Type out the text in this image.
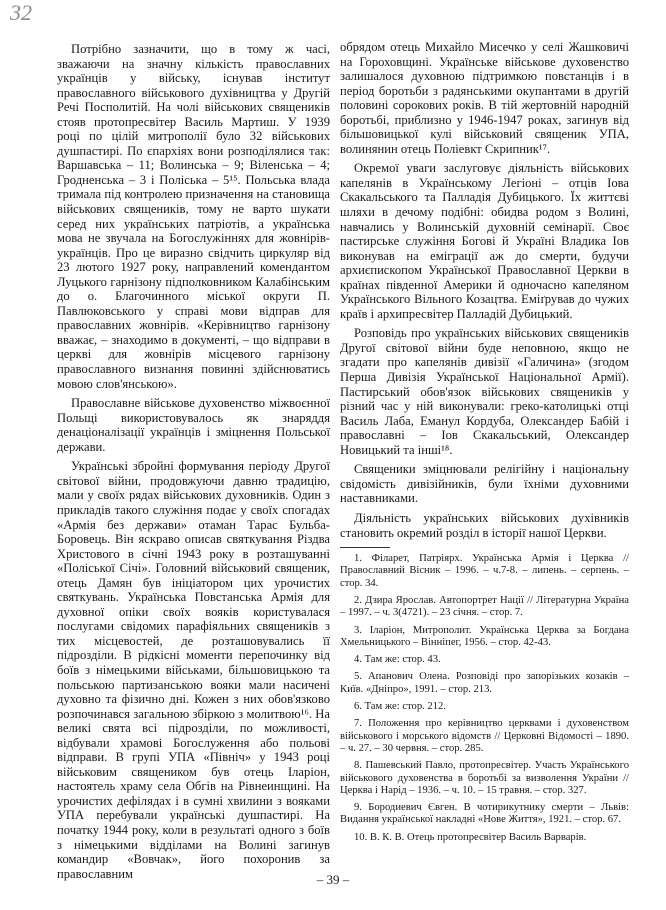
32

Потрібно зазначити, що в тому ж часі, зважаючи на значну кількість православних українців у війську, існував інститут православного військового духівництва у Другій Речі Посполитій. На чолі військових священиків стояв протопресвітер Василь Мартиш. У 1939 році по цілій митрополії було 32 військових душпастирі. По єпархіях вони розподілялися так: Варшавська – 11; Волинська – 9; Віленська – 4; Гродненська – 3 і Поліська – 5¹⁵. Польська влада тримала під контролею призначення на становища військових священиків, тому не варто шукати серед них українських патріотів, а українська мова не звучала на Богослужіннях для жовнірів-українців. Про це виразно свідчить циркуляр від 23 лютого 1927 року, направлений комендантом Луцького гарнізону підполковником Калабінським до о. Благочинного міської округи П. Павлюковського у справі мови відправ для православних жовнірів. «Керівництво гарнізону вважає, – знаходимо в документі, – що відправи в церкві для жовнірів місцевого гарнізону православного визнання повинні здійснюватись мовою слов'янською».

Православне військове духовенство міжвоєнної Польщі використовувалось як знаряддя денаціоналізації українців і зміцнення Польської держави.

Українські збройні формування періоду Другої світової війни, продовжуючи давню традицію, мали у своїх рядах військових духовників. Один з прикладів такого служіння подає у своїх спогадах «Армія без держави» отаман Тарас Бульба-Боровець. Він яскраво описав святкування Різдва Христового в січні 1943 року в розташуванні «Поліської Січі». Головний військовий священик, отець Дамян був ініціатором цих урочистих святкувань. Українська Повстанська Армія для духовної опіки своїх вояків користувалася послугами свідомих парафіяльних священиків з тих місцевостей, де розташовувались її підрозділи. В рідкісні моменти перепочинку від боїв з німецькими військами, більшовицькою та польською партизанською вояки мали насичені духовно та фізично дні. Кожен з них обов'язково розпочинався загальною збіркою з молитвою¹⁶. На великі свята всі підрозділи, по можливості, відбували храмові Богослуження або польові відправи. В групі УПА «Північ» у 1943 році військовим священиком був отець Іларіон, настоятель храму села Обгів на Рівнеинщині. На урочистих дефілядах і в сумні хвилини з вояками УПА перебували українські душпастирі. На початку 1944 року, коли в результаті одного з боїв з німецькими відділами на Волині загинув командир «Вовчак», його похоронив за православним

обрядом отець Михайло Мисечко у селі Жашковичі на Гороховщині. Українське військове духовенство залишалося духовною підтримкою повстанців і в період боротьби з радянськими окупантами в другій половині сорокових років. В тій жертовній народній боротьбі, приблизно у 1946-1947 роках, загинув від більшовицької кулі військовий священик УПА, волинянин отець Поліевкт Скрипник¹⁷.

Окремої уваги заслуговує діяльність військових капелянів в Українському Легіоні – отців Іова Скакальського та Палладія Дубицького. Їх життєві шляхи в дечому подібні: обидва родом з Волині, навчались у Волинській духовній семінарії. Своє пастирське служіння Богові й Україні Владика Іов виконував на еміграції аж до смерти, будучи архиєпископом Української Православної Церкви в країнах південної Америки й одночасно капеляном Українського Вільного Козацтва. Еміґрував до чужих країв і архипресвітер Палладій Дубицький.

Розповідь про українських військових священиків Другої світової війни буде неповною, якщо не згадати про капелянів дивізії «Галичина» (згодом Перша Дивізія Української Національної Армії). Пастирський обов'язок військових священиків у різний час у ній виконували: греко-католицькі отці Василь Лаба, Еманул Кордуба, Олександер Бабій і православні – Іов Скакальський, Олександер Новицький та інші¹⁸.

Священики зміцнювали релігійну і національну свідомість дивізійників, були їхніми духовними наставниками.

Діяльність українських військових духівників становить окремий розділ в історії нашої Церкви.

1. Філарет, Патріярх. Українська Армія і Церква // Православний Вісник – 1996. – ч.7-8. – липень. – серпень. – стор. 34.

2. Дзира Ярослав. Автопортрет Нації // Літературна Україна – 1997. – ч. 3(4721). – 23 січня. – стор. 7.

3. Іларіон, Митрополит. Українська Церква за Богдана Хмельницького – Вінніпег, 1956. – стор. 42-43.

4. Там же: стор. 43.

5. Апанович Олена. Розповіді про запорізьких козаків – Київ. «Дніпро», 1991. – стор. 213.

6. Там же: стор. 212.

7. Положення про керівництво церквами і духовенством військового і морського відомств // Церковні Відомості – 1890. – ч. 27. – 30 червня. – стор. 285.

8. Пашевський Павло, протопресвітер. Участь Українського військового духовенства в боротьбі за визволення України // Церква і Нарід – 1936. – ч. 10. – 15 травня. – стор. 327.

9. Бородиевич Євген. В чотирикутнику смерти – Львів: Видання української накладні «Нове Життя», 1921. – стор. 67.

10. В. К. В. Отець протопресвітер Василь Варварів.

– 39 –
